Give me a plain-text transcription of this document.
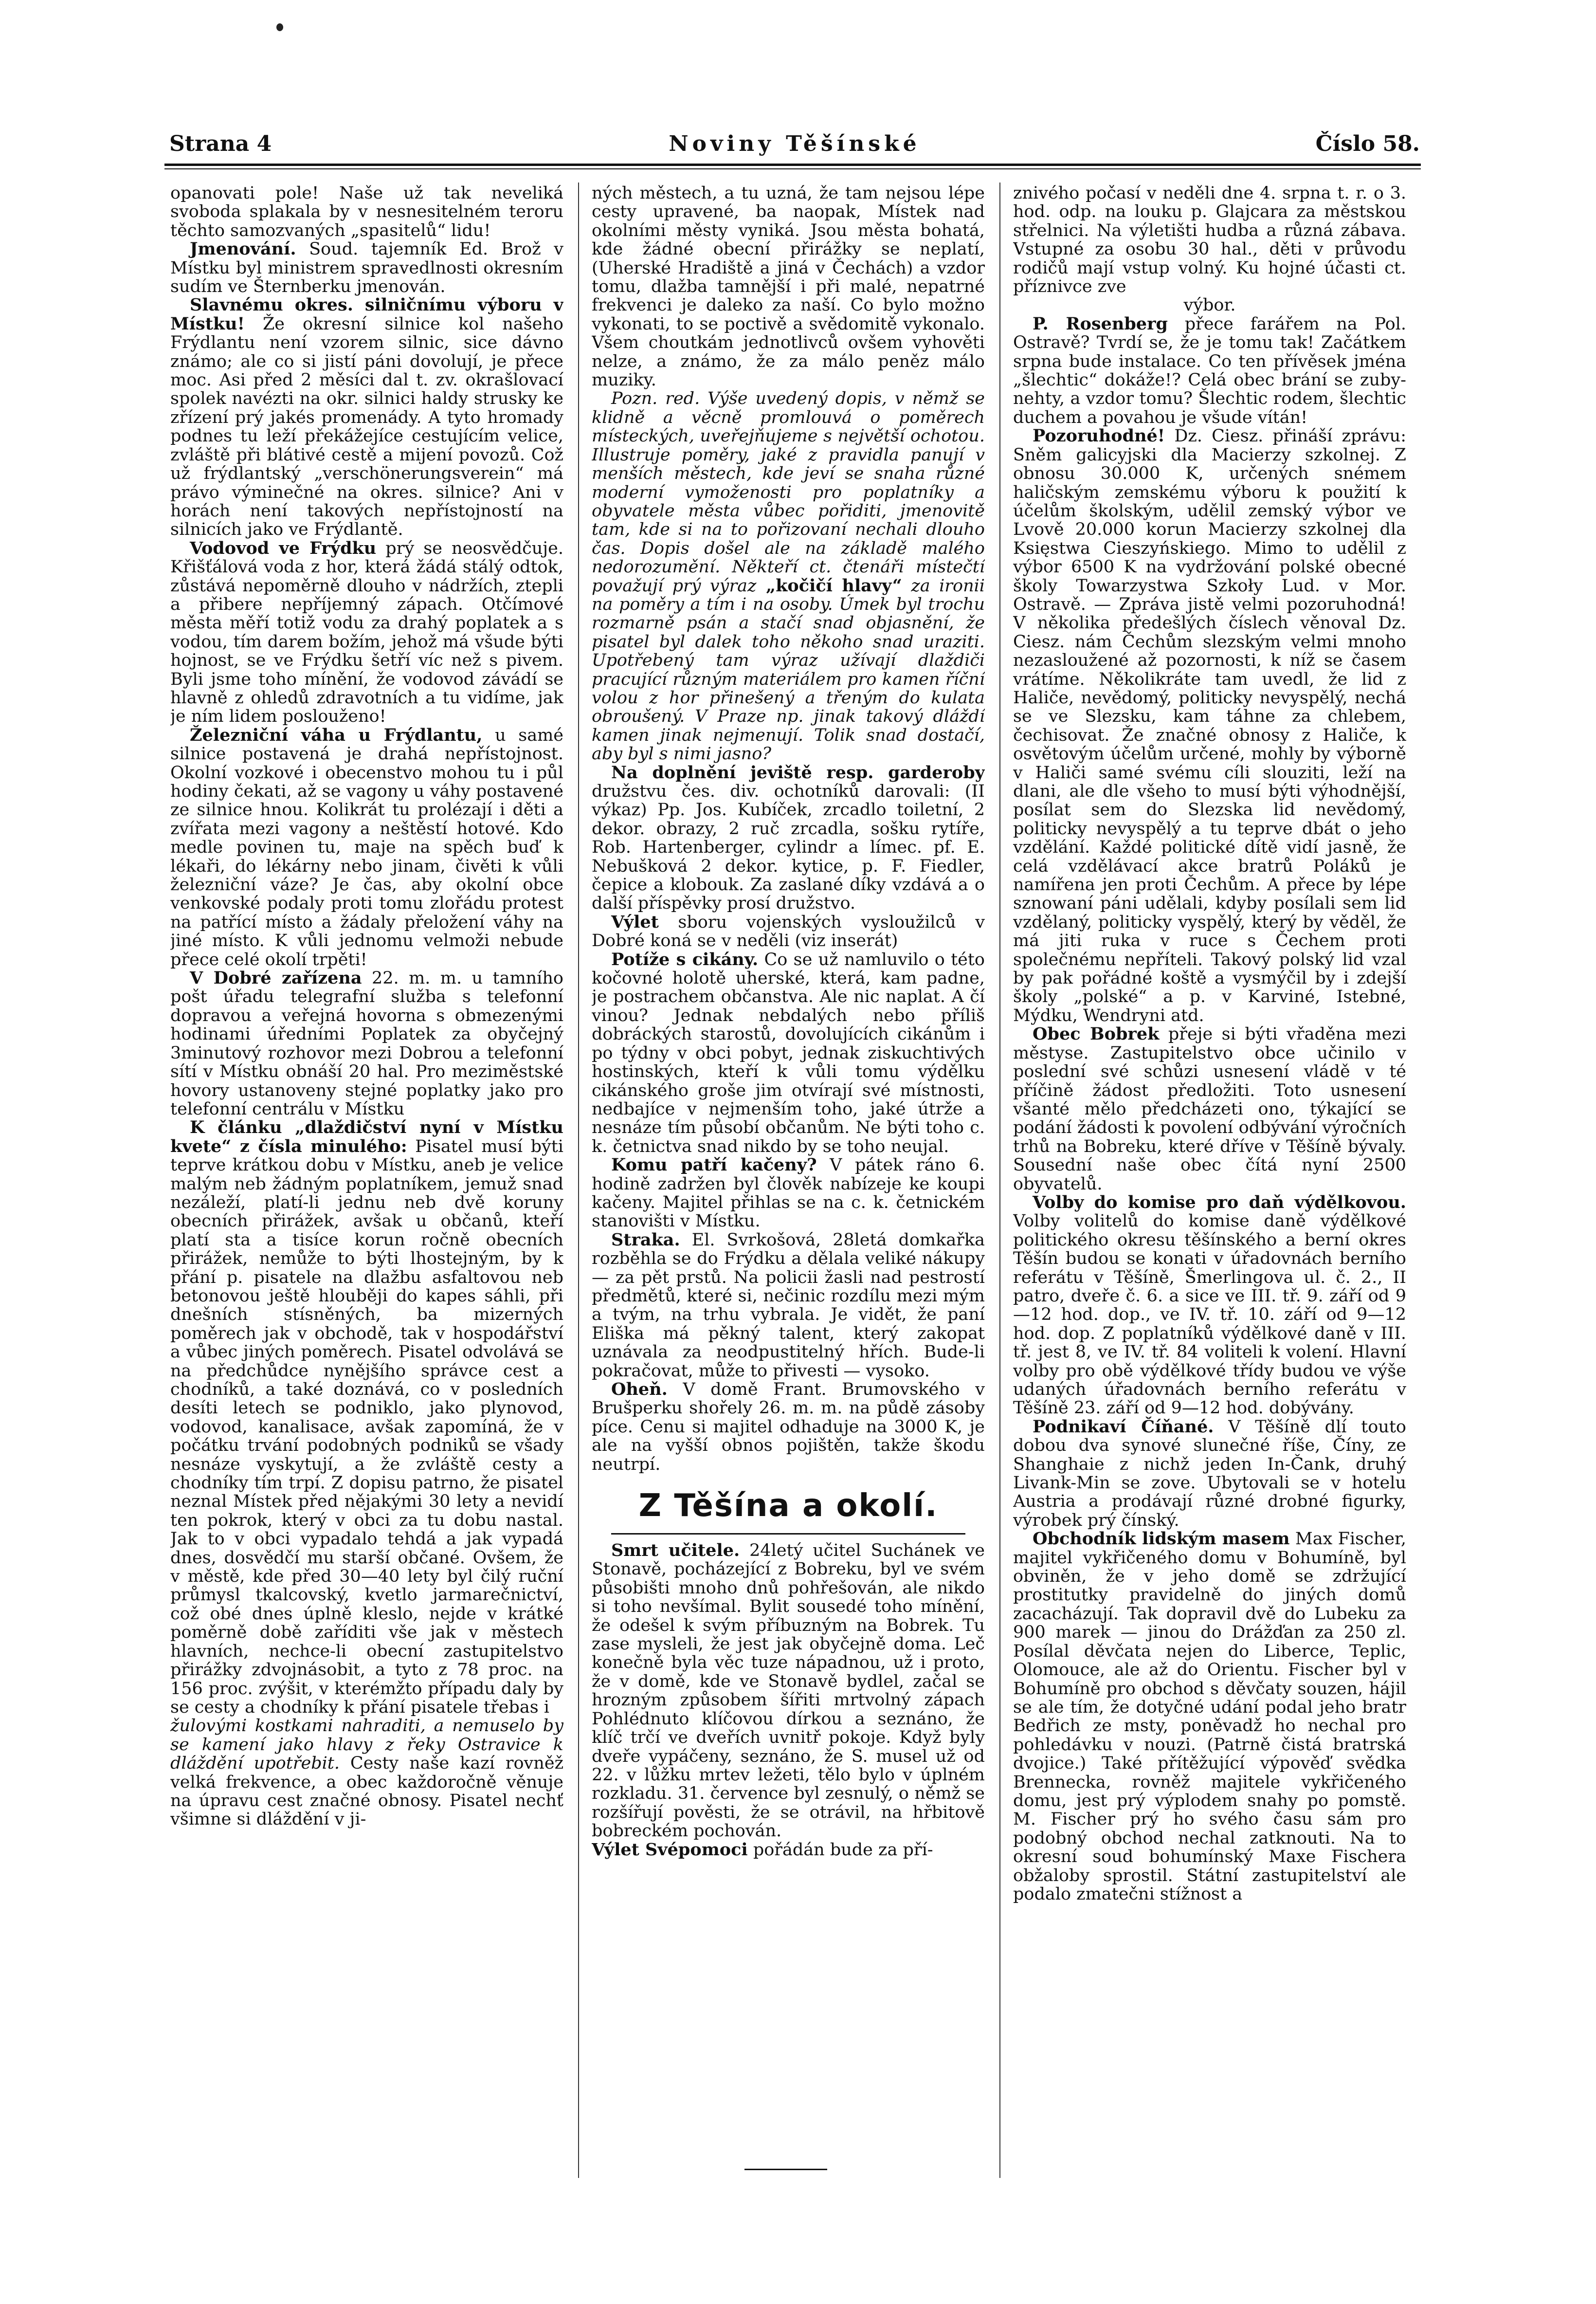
Strana 4	Noviny Těšínské	Číslo 58.

opanovati pole! Naše už tak neveliká svoboda splakala by v nesnesitelném teroru těchto samozvaných „spasitelů“ lidu!

Jmenování. Soud. tajemník Ed. Brož v Místku byl ministrem spravedlnosti okresním sudím ve Šternberku jmenován.

Slavnému okres. silničnímu výboru v Místku! Že okresní silnice kol našeho Frýdlantu není vzorem silnic, sice dávno známo; ale co si jistí páni dovolují, je přece moc. Asi před 2 měsíci dal t. zv. okrašlovací spolek navézti na okr. silnici haldy strusky ke zřízení prý jakés promenády. A tyto hromady podnes tu leží překážejíce cestujícím velice, zvláště při blátivé cestě a mijení povozů. Což už frýdlantský „verschönerungsverein“ má právo výminečné na okres. silnice? Ani v horách není takových nepřístojností na silnicích jako ve Frýdlantě.

Vodovod ve Frýdku prý se neosvědčuje. Křišťálová voda z hor, která žádá stálý odtok, zůstává nepoměrně dlouho v nádržích, ztepli a přibere nepříjemný zápach. Otčímové města měří totiž vodu za drahý poplatek a s vodou, tím darem božím, jehož má všude býti hojnost, se ve Frýdku šetří víc než s pivem. Byli jsme toho mínění, že vodovod závádí se hlavně z ohledů zdravotních a tu vidíme, jak je ním lidem poslouženo!

Železniční váha u Frýdlantu, u samé silnice postavená je drahá nepřístojnost. Okolní vozkové i obecenstvo mohou tu i půl hodiny čekati, až se vagony u váhy postavené ze silnice hnou. Kolikrát tu prolézají i děti a zvířata mezi vagony a neštěstí hotové. Kdo medle povinen tu, maje na spěch buď k lékaři, do lékárny nebo jinam, čivěti k vůli železniční váze? Je čas, aby okolní obce venkovské podaly proti tomu zlořádu protest na patřící místo a žádaly přeložení váhy na jiné místo. K vůli jednomu velmoži nebude přece celé okolí trpěti!

V Dobré zařízena 22. m. m. u tamního pošt úřadu telegrafní služba s telefonní dopravou a veřejná hovorna s obmezenými hodinami úředními Poplatek za obyčejný 3minutový rozhovor mezi Dobrou a telefonní sítí v Místku obnáší 20 hal. Pro meziměstské hovory ustanoveny stejné poplatky jako pro telefonní centrálu v Místku

K článku „dlaždičství nyní v Místku kvete“ z čísla minulého: Pisatel musí býti teprve krátkou dobu v Místku, aneb je velice malým neb žádným poplatníkem, jemuž snad nezáleží, platí-li jednu neb dvě koruny obecních přirážek, avšak u občanů, kteří platí sta a tisíce korun ročně obecních přirážek, nemůže to býti lhostejným, by k přání p. pisatele na dlažbu asfaltovou neb betonovou ještě hlouběji do kapes sáhli, při dnešních stísněných, ba mizerných poměrech jak v obchodě, tak v hospodářství a vůbec jiných poměrech. Pisatel odvolává se na předchůdce nynějšího správce cest a chodníků, a také doznává, co v posledních desíti letech se podniklo, jako plynovod, vodovod, kanalisace, avšak zapomíná, že v počátku trvání podobných podniků se všady nesnáze vyskytují, a že zvláště cesty a chodníky tím trpí. Z dopisu patrno, že pisatel neznal Místek před nějakými 30 lety a nevidí ten pokrok, který v obci za tu dobu nastal. Jak to v obci vypadalo tehdá a jak vypadá dnes, dosvědčí mu starší občané. Ovšem, že v městě, kde před 30—40 lety byl čilý ruční průmysl tkalcovský, kvetlo jarmarečnictví, což obé dnes úplně kleslo, nejde v krátké poměrně době zaříditi vše jak v městech hlavních, nechce-li obecní zastupitelstvo přirážky zdvojnásobit, a tyto z 78 proc. na 156 proc. zvýšit, v kterémžto případu daly by se cesty a chodníky k přání pisatele třebas i

žulovými kostkami nahraditi, a nemuselo by se kamení jako hlavy z řeky Ostravice k dláždění upotřebit. Cesty naše kazí rovněž velká frekvence, a obec každoročně věnuje na úpravu cest značné obnosy. Pisatel nechť všimne si dláždění v ji-

ných městech, a tu uzná, že tam nejsou lépe cesty upravené, ba naopak, Místek nad okolními městy vyniká. Jsou města bohatá, kde žádné obecní přirážky se neplatí, (Uherské Hradiště a jiná v Čechách) a vzdor tomu, dlažba tamnější i při malé, nepatrné frekvenci je daleko za naší. Co bylo možno vykonati, to se poctivě a svědomitě vykonalo. Všem choutkám jednotlivců ovšem vyhověti nelze, a známo, že za málo peněz málo muziky.

Pozn. red. Výše uvedený dopis, v němž se klidně a věcně promlouvá o poměrech místeckých, uveřejňujeme s největší ochotou. Illustruje poměry, jaké z pravidla panují v menších městech, kde jeví se snaha různé moderní vymoženosti pro poplatníky a obyvatele města vůbec pořiditi, jmenovitě tam, kde si na to pořizovaní nechali dlouho čas. Dopis došel ale na základě malého nedorozumění. Někteří ct. čtenáři místečtí považují prý výraz „kočičí hlavy“ za ironii na poměry a tím i na osoby. Úmek byl trochu rozmarně psán a stačí snad objasnění, že pisatel byl dalek toho někoho snad uraziti. Upotřebený tam výraz užívají dlaždiči pracující různým materiálem pro kamen říční volou z hor přinešený a třeným do kulata obroušený. V Praze np. jinak takový dláždí kamen jinak nejmenují. Tolik snad dostačí, aby byl s nimi jasno?

Na doplnění jeviště resp. garderoby družstvu čes. div. ochotníků darovali: (II výkaz) Pp. Jos. Kubíček, zrcadlo toiletní, 2 dekor. obrazy, 2 ruč zrcadla, sošku rytíře, Rob. Hartenberger, cylindr a límec. pf. E. Nebušková 2 dekor. kytice, p. F. Fiedler, čepice a klobouk. Za zaslané díky vzdává a o další příspěvky prosí družstvo.

Výlet sboru vojenských vysloužilců v Dobré koná se v neděli (viz inserát)

Potíže s cikány. Co se už namluvilo o této kočovné holotě uherské, která, kam padne, je postrachem občanstva. Ale nic naplat. A čí vinou? Jednak nebdalých nebo příliš dobráckých starostů, dovolujících cikánům i po týdny v obci pobyt, jednak ziskuchtivých hostinských, kteří k vůli tomu výdělku cikánského groše jim otvírají své místnosti, nedbajíce v nejmenším toho, jaké útrže a nesnáze tím působí občanům. Ne býti toho c. k. četnictva snad nikdo by se toho neujal.

Komu patří kačeny? V pátek ráno 6. hodině zadržen byl člověk nabízeje ke koupi kačeny. Majitel přihlas se na c. k. četnickém stanovišti v Místku.

Straka. El. Svrkošová, 28letá domkařka rozběhla se do Frýdku a dělala veliké nákupy — za pět prstů. Na policii žasli nad pestrostí předmětů, které si, nečinic rozdílu mezi mým a tvým, na trhu vybrala. Je vidět, že paní Eliška má pěkný talent, který zakopat uznávala za neodpustitelný hřích. Bude-li pokračovat, může to přivesti — vysoko.

Oheň. V domě Frant. Brumovského v Brušperku shořely 26. m. m. na půdě zásoby píce. Cenu si majitel odhaduje na 3000 K, je ale na vyšší obnos pojištěn, takže škodu neutrpí.

Z Těšína a okolí.

Smrt učitele. 24letý učitel Suchánek ve Stonavě, pocházející z Bobreku, byl ve svém působišti mnoho dnů pohřešován, ale nikdo si toho nevšímal. Bylit sousedé toho mínění, že odešel k svým příbuzným na Bobrek. Tu zase mysleli, že jest jak obyčejně doma. Leč konečně byla věc tuze nápadnou, už i proto, že v domě, kde ve Stonavě bydlel, začal se hrozným způsobem šířiti mrtvolný zápach Pohlédnuto klíčovou dírkou a seznáno, že klíč trčí ve dveřích uvnitř pokoje. Když byly dveře vypáčeny, seznáno, že S. musel už od 22. v lůžku mrtev ležeti, tělo bylo v úplném rozkladu. 31. července byl zesnulý, o němž se rozšířují pověsti, že se otrávil, na hřbitově bobreckém pochován.

Výlet Svépomoci pořádán bude za pří-

znivého počasí v neděli dne 4. srpna t. r. o 3. hod. odp. na louku p. Glajcara za městskou střelnici. Na výletišti hudba a různá zábava. Vstupné za osobu 30 hal., děti v průvodu rodičů mají vstup volný. Ku hojné účasti ct. příznivce zve

výbor.

P. Rosenberg přece farářem na Pol. Ostravě? Tvrdí se, že je tomu tak! Začátkem srpna bude instalace. Co ten přívěsek jména „šlechtic“ dokáže!? Celá obec brání se zuby-nehty, a vzdor tomu? Šlechtic rodem, šlechtic duchem a povahou je všude vítán!

Pozoruhodné! Dz. Ciesz. přináší zprávu: Sněm galicyjski dla Macierzy szkolnej. Z obnosu 30.000 K, určených snémem haličským zemskému výboru k použití k účelům školským, udělil zemský výbor ve Lvově 20.000 korun Macierzy szkolnej dla Księstwa Cieszyńskiego. Mimo to udělil z výbor 6500 K na vydržování polské obecné školy Towarzystwa Szkoły Lud. v Mor. Ostravě. — Zpráva jistě velmi pozoruhodná! V několika předešlých číslech věnoval Dz. Ciesz. nám Čechům slezským velmi mnoho nezasloužené až pozornosti, k níž se časem vrátíme. Několikráte tam uvedl, že lid z Haliče, nevědomý, politicky nevyspělý, nechá se ve Slezsku, kam táhne za chlebem, čechisovat. Že značné obnosy z Haliče, k osvětovým účelům určené, mohly by výborně v Haliči samé svému cíli slouziti, leží na dlani, ale dle všeho to musí býti výhodnější, posílat sem do Slezska lid nevědomý, politicky nevyspělý a tu teprve dbát o jeho vzdělání. Každé politické dítě vidí jasně, že celá vzdělávací akce bratrů Poláků je namířena jen proti Čechům. A přece by lépe sznowaní páni udělali, kdyby posílali sem lid vzdělaný, politicky vyspělý, který by věděl, že má jiti ruka v ruce s Čechem proti společnému nepříteli. Takový polský lid vzal by pak pořádné koště a vysmýčil by i zdejší školy „polské“ a p. v Karviné, Istebné, Mýdku, Wendryni atd.

Obec Bobrek přeje si býti vřaděna mezi městyse. Zastupitelstvo obce učinilo v poslední své schůzi usnesení vládě v té příčině žádost předložiti. Toto usnesení všanté mělo předcházeti ono, týkající se podání žádosti k povolení odbývání výročních trhů na Bobreku, které dříve v Těšíně bývaly. Sousední naše obec čítá nyní 2500 obyvatelů.

Volby do komise pro daň výdělkovou. Volby volitelů do komise daně výdělkové politického okresu těšínského a berní okres Těšín budou se konati v úřadovnách berního referátu v Těšíně, Šmerlingova ul. č. 2., II patro, dveře č. 6. a sice ve III. tř. 9. září od 9—12 hod. dop., ve IV. tř. 10. září od 9—12 hod. dop. Z poplatníků výdělkové daně v III. tř. jest 8, ve IV. tř. 84 voliteli k volení. Hlavní volby pro obě výdělkové třídy budou ve výše udaných úřadovnách berního referátu v Těšíně 23. září od 9—12 hod. dobývány.

Podnikaví Číňané. V Těšíně dlí touto dobou dva synové slunečné říše, Číny, ze Shanghaie z nichž jeden In-Čank, druhý Livank-Min se zove. Ubytovali se v hotelu Austria a prodávají různé drobné figurky, výrobek prý čínský.

Obchodník lidským masem Max Fischer, majitel vykřičeného domu v Bohumíně, byl obviněn, že v jeho domě se zdržující prostitutky pravidelně do jiných domů zacacházují. Tak dopravil dvě do Lubeku za 900 marek — jinou do Drážďan za 250 zl. Posílal děvčata nejen do Liberce, Teplic, Olomouce, ale až do Orientu. Fischer byl v Bohumíně pro obchod s děvčaty souzen, hájil se ale tím, že dotyčné udání podal jeho bratr Bedřich ze msty, poněvadž ho nechal pro pohledávku v nouzi. (Patrně čistá bratrská dvojice.) Také přítěžující výpověď svědka Brennecka, rovněž majitele vykřičeného domu, jest prý výplodem snahy po pomstě. M. Fischer prý ho svého času sám pro podobný obchod nechal zatknouti. Na to okresní soud bohumínský Maxe Fischera obžaloby sprostil. Státní zastupitelství ale podalo zmatečni stížnost a
